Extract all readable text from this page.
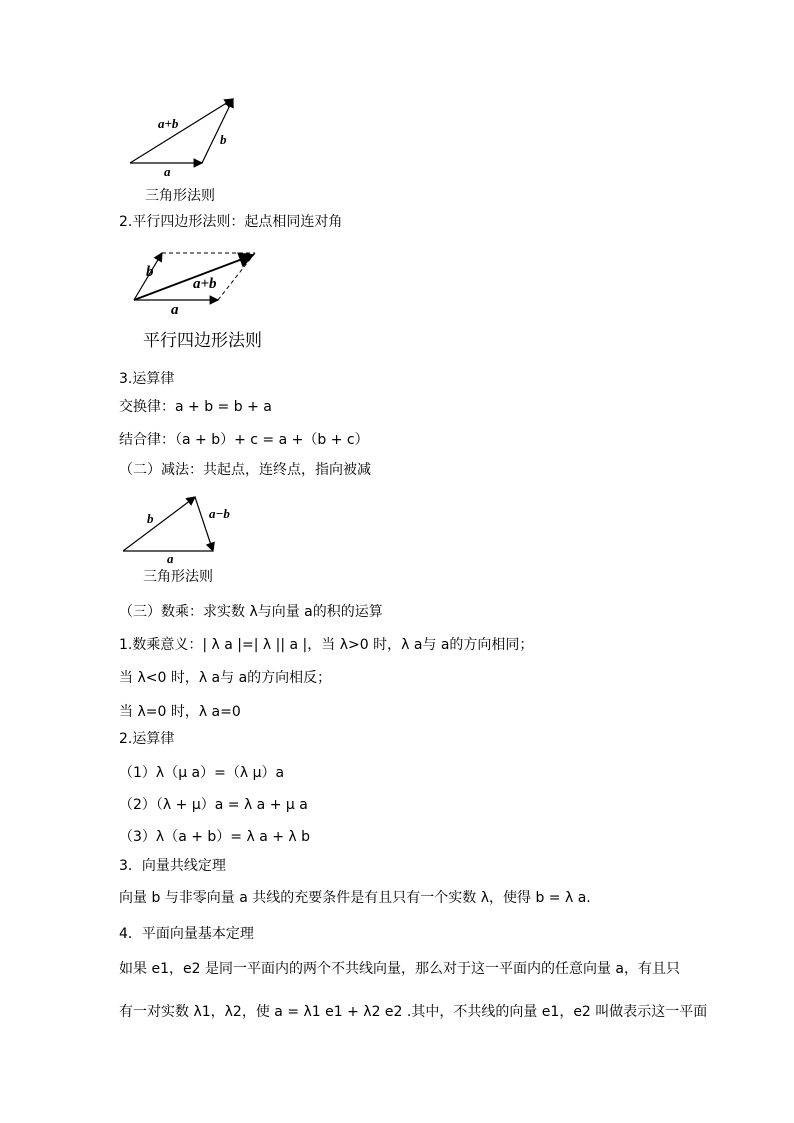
a+b
b
a
三角形法则
2.平行四边形法则：起点相同连对角
b
a+b
a
平行四边形法则
3.运算律
交换律：a + b = b + a
结合律：（a + b）+ c = a +（b + c）
（二）减法：共起点，连终点，指向被减
b	a−b
a
三角形法则
（三）数乘：求实数 λ与向量 a的积的运算
1.数乘意义：| λ a |=| λ || a |，当 λ>0 时，λ a与 a的方向相同；
当 λ<0 时，λ a与 a的方向相反；
当 λ=0 时，λ a=0
2.运算律
（1）λ（μ a）=（λ μ）a
（2）（λ + μ）a = λ a + μ a
（3）λ（a + b）= λ a + λ b
3．向量共线定理
向量 b 与非零向量 a 共线的充要条件是有且只有一个实数 λ，使得 b = λ a.
4．平面向量基本定理
如果 e1，e2 是同一平面内的两个不共线向量，那么对于这一平面内的任意向量 a，有且只
有一对实数 λ1，λ2，使 a = λ1 e1 + λ2 e2 .其中，不共线的向量 e1，e2 叫做表示这一平面
